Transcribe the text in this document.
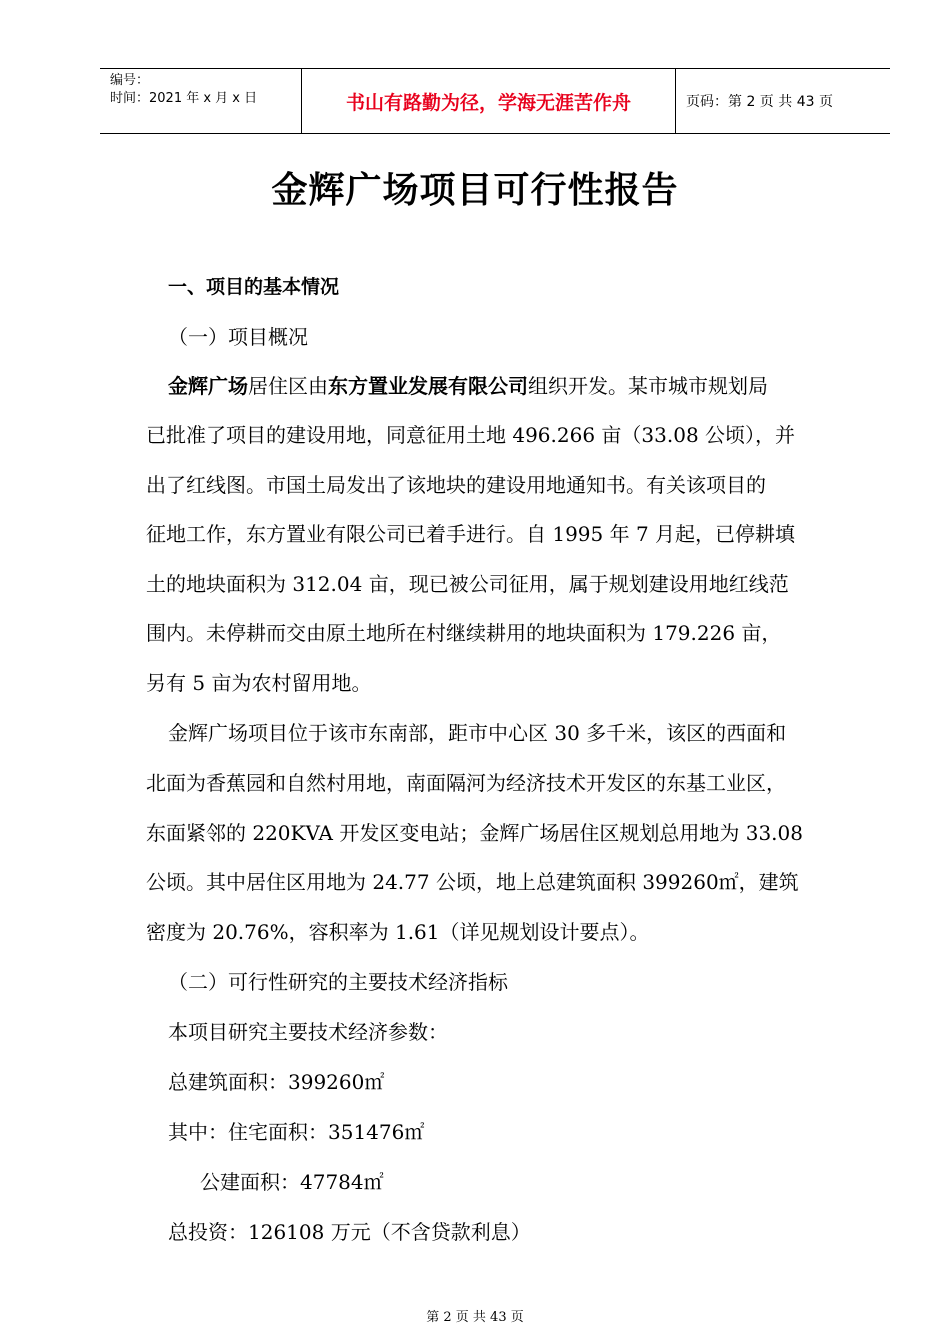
编号：
时间：2021 年 x 月 x 日	书山有路勤为径，学海无涯苦作舟	页码：第 2 页 共 43 页
金辉广场项目可行性报告
一、项目的基本情况
（一）项目概况
金辉广场居住区由东方置业发展有限公司组织开发。某市城市规划局
已批准了项目的建设用地，同意征用土地 496.266 亩（33.08 公顷），并
出了红线图。市国土局发出了该地块的建设用地通知书。有关该项目的
征地工作，东方置业有限公司已着手进行。自 1995 年 7 月起，已停耕填
土的地块面积为 312.04 亩，现已被公司征用，属于规划建设用地红线范
围内。未停耕而交由原土地所在村继续耕用的地块面积为 179.226 亩，
另有 5 亩为农村留用地。
金辉广场项目位于该市东南部，距市中心区 30 多千米，该区的西面和
北面为香蕉园和自然村用地，南面隔河为经济技术开发区的东基工业区，
东面紧邻的 220KVA 开发区变电站；金辉广场居住区规划总用地为 33.08
公顷。其中居住区用地为 24.77 公顷，地上总建筑面积 399260㎡，建筑
密度为 20.76%，容积率为 1.61（详见规划设计要点）。
（二）可行性研究的主要技术经济指标
本项目研究主要技术经济参数：
总建筑面积：399260㎡
其中：住宅面积：351476㎡
公建面积：47784㎡
总投资：126108 万元（不含贷款利息）
第 2 页 共 43 页
